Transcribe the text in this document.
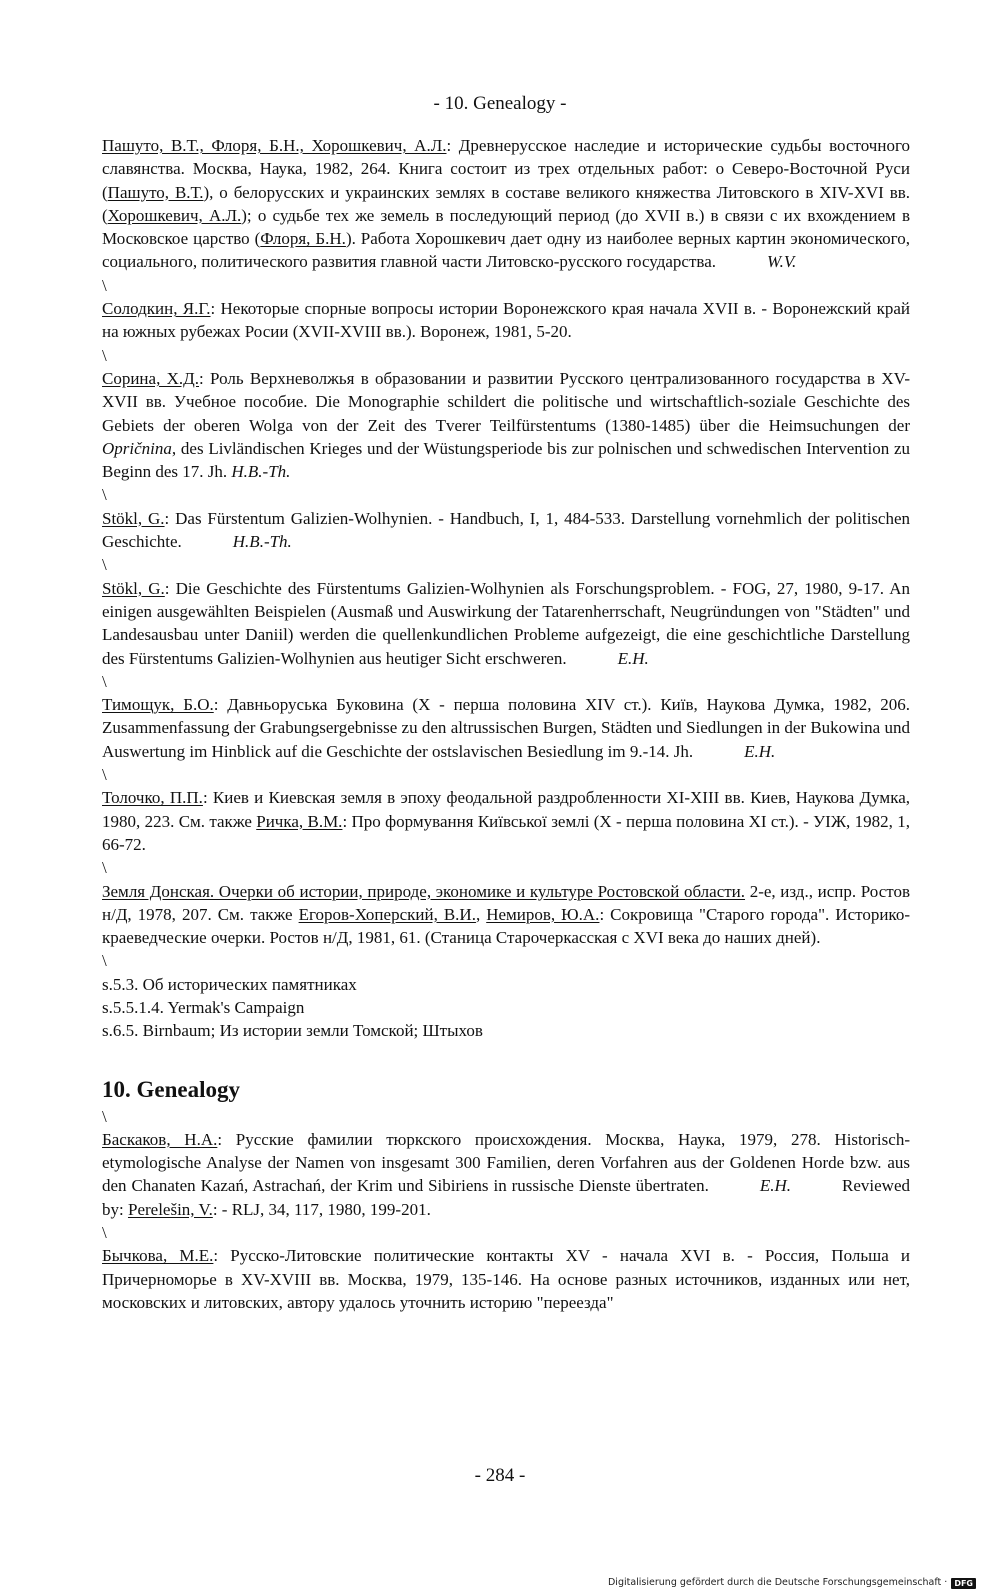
- 10. Genealogy -

Пашуто, В.Т., Флоря, Б.Н., Хорошкевич, А.Л.: Древнерусское наследие и исторические судьбы восточного славянства. Москва, Наука, 1982, 264. Книга состоит из трех отдельных работ: о Северо-Восточной Руси (Пашуто, В.Т.), о белорусских и украинских землях в составе великого княжества Литовского в XIV-XVI вв. (Хорошкевич, А.Л.); о судьбе тех же земель в последующий период (до XVII в.) в связи с их вхождением в Московское царство (Флоря, Б.Н.). Работа Хорошкевич дает одну из наиболее верных картин экономического, социального, политического развития главной части Литовско-русского государства.   	W.V.

\

Солодкин, Я.Г.: Некоторые спорные вопросы истории Воронежского края начала XVII в. - Воронежский край на южных рубежах Росии (XVII-XVIII вв.). Воронеж, 1981, 5-20.

\

Сорина, Х.Д.: Роль Верхневолжья в образовании и развитии Русского централизованного государства в XV-XVII вв. Учебное пособие. Die Monographie schildert die politische und wirtschaftlich-soziale Geschichte des Gebiets der oberen Wolga von der Zeit des Tverer Teilfürstentums (1380-1485) über die Heimsuchungen der Opričnina, des Livländischen Krieges und der Wüstungsperiode bis zur polnischen und schwedischen Intervention zu Beginn des 17. Jh. H.B.-Th.

\

Stökl, G.: Das Fürstentum Galizien-Wolhynien. - Handbuch, I, 1, 484-533. Darstellung vornehmlich der politischen Geschichte.   	H.B.-Th.

\

Stökl, G.: Die Geschichte des Fürstentums Galizien-Wolhynien als Forschungsproblem. - FOG, 27, 1980, 9-17. An einigen ausgewählten Beispielen (Ausmaß und Auswirkung der Tatarenherrschaft, Neugründungen von "Städten" und Landesausbau unter Daniil) werden die quellenkundlichen Probleme aufgezeigt, die eine geschichtliche Darstellung des Fürstentums Galizien-Wolhynien aus heutiger Sicht erschweren.   	E.H.

\

Тимощук, Б.О.: Давньоруська Буковина (X - перша половина XIV ст.). Київ, Наукова Думка, 1982, 206. Zusammenfassung der Grabungsergebnisse zu den altrussischen Burgen, Städten und Siedlungen in der Bukowina und Auswertung im Hinblick auf die Geschichte der ostslavischen Besiedlung im 9.-14. Jh.   	E.H.

\

Толочко, П.П.: Киев и Киевская земля в эпоху феодальной раздробленности XI-XIII вв. Киев, Наукова Думка, 1980, 223. См. также Ричка, В.М.: Про формування Київської землі (X - перша половина XI ст.). - УІЖ, 1982, 1, 66-72.

\

Земля Донская. Очерки об истории, природе, экономике и культуре Ростовской области. 2-е, изд., испр. Ростов н/Д, 1978, 207. См. также Егоров-Хоперский, В.И., Немиров, Ю.А.: Сокровища "Старого города". Историко-краеведческие очерки. Ростов н/Д, 1981, 61. (Станица Старочеркасская с XVI века до наших дней).

\

s.5.3. Об исторических памятниках

s.5.5.1.4. Yermak's Campaign

s.6.5. Birnbaum; Из истории земли Томской; Штыхов

10. Genealogy

\

Баскаков, Н.А.: Русские фамилии тюркского происхождения. Москва, Наука, 1979, 278. Historisch-etymologische Analyse der Namen von insgesamt 300 Familien, deren Vorfahren aus der Goldenen Horde bzw. aus den Chanaten Kazań, Astrachań, der Krim und Sibiriens in russische Dienste übertraten.   	E.H.   	Reviewed by: Perelešin, V.: - RLJ, 34, 117, 1980, 199-201.

\

Бычкова, М.Е.: Русско-Литовские политические контакты XV - начала XVI в. - Россия, Польша и Причерноморье в XV-XVIII вв. Москва, 1979, 135-146. На основе разных источников, изданных или нет, московских и литовских, автору удалось уточнить историю "переезда"

- 284 -
Digitalisierung gefördert durch die Deutsche Forschungsgemeinschaft · DFG
